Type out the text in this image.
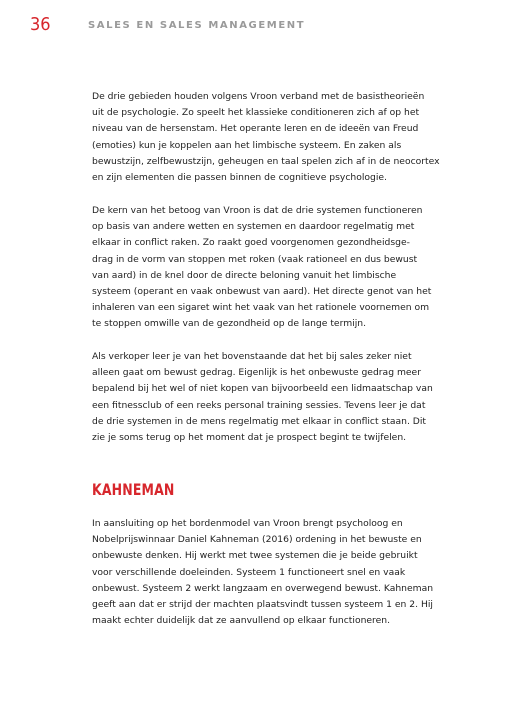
36	SALES EN SALES MANAGEMENT

De drie gebieden houden volgens Vroon verband met de basistheorieën
uit de psychologie. Zo speelt het klassieke conditioneren zich af op het
niveau van de hersenstam. Het operante leren en de ideeën van Freud
(emoties) kun je koppelen aan het limbische systeem. En zaken als
bewustzijn, zelfbewustzijn, geheugen en taal spelen zich af in de neocortex
en zijn elementen die passen binnen de cognitieve psychologie.

De kern van het betoog van Vroon is dat de drie systemen functioneren
op basis van andere wetten en systemen en daardoor regelmatig met
elkaar in conflict raken. Zo raakt goed voorgenomen gezondheidsge-
drag in de vorm van stoppen met roken (vaak rationeel en dus bewust
van aard) in de knel door de directe beloning vanuit het limbische
systeem (operant en vaak onbewust van aard). Het directe genot van het
inhaleren van een sigaret wint het vaak van het rationele voornemen om
te stoppen omwille van de gezondheid op de lange termijn.

Als verkoper leer je van het bovenstaande dat het bij sales zeker niet
alleen gaat om bewust gedrag. Eigenlijk is het onbewuste gedrag meer
bepalend bij het wel of niet kopen van bijvoorbeeld een lidmaatschap van
een fitnessclub of een reeks personal training sessies. Tevens leer je dat
de drie systemen in de mens regelmatig met elkaar in conflict staan. Dit
zie je soms terug op het moment dat je prospect begint te twijfelen.

KAHNEMAN

In aansluiting op het bordenmodel van Vroon brengt psycholoog en
Nobelprijswinnaar Daniel Kahneman (2016) ordening in het bewuste en
onbewuste denken. Hij werkt met twee systemen die je beide gebruikt
voor verschillende doeleinden. Systeem 1 functioneert snel en vaak
onbewust. Systeem 2 werkt langzaam en overwegend bewust. Kahneman
geeft aan dat er strijd der machten plaatsvindt tussen systeem 1 en 2. Hij
maakt echter duidelijk dat ze aanvullend op elkaar functioneren.
